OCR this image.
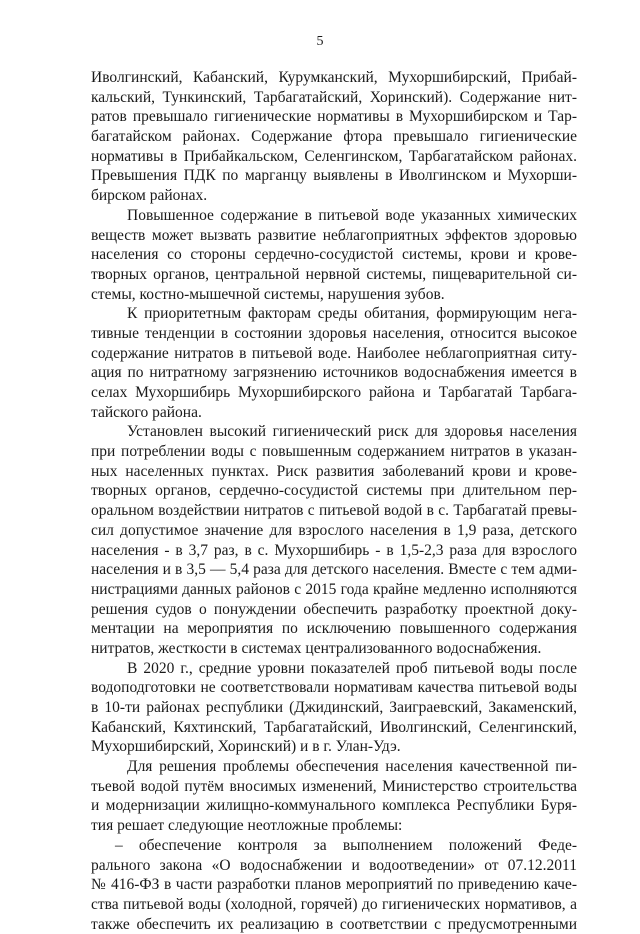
5
Иволгинский, Кабанский, Курумканский, Мухоршибирский, Прибай-
кальский, Тункинский, Тарбагатайский, Хоринский). Содержание нит-
ратов превышало гигиенические нормативы в Мухоршибирском и Тар-
багатайском районах. Содержание фтора превышало гигиенические
нормативы в Прибайкальском, Селенгинском, Тарбагатайском районах.
Превышения ПДК по марганцу выявлены в Иволгинском и Мухорши-
бирском районах.
Повышенное содержание в питьевой воде указанных химических
веществ может вызвать развитие неблагоприятных эффектов здоровью
населения со стороны сердечно-сосудистой системы, крови и крове-
творных органов, центральной нервной системы, пищеварительной си-
стемы, костно-мышечной системы, нарушения зубов.
К приоритетным факторам среды обитания, формирующим нега-
тивные тенденции в состоянии здоровья населения, относится высокое
содержание нитратов в питьевой воде. Наиболее неблагоприятная ситу-
ация по нитратному загрязнению источников водоснабжения имеется в
селах Мухоршибирь Мухоршибирского района и Тарбагатай Тарбага-
тайского района.
Установлен высокий гигиенический риск для здоровья населения
при потреблении воды с повышенным содержанием нитратов в указан-
ных населенных пунктах. Риск развития заболеваний крови и крове-
творных органов, сердечно-сосудистой системы при длительном пер-
оральном воздействии нитратов с питьевой водой в с. Тарбагатай превы-
сил допустимое значение для взрослого населения в 1,9 раза, детского
населения - в 3,7 раз, в с. Мухоршибирь - в 1,5-2,3 раза для взрослого
населения и в 3,5 — 5,4 раза для детского населения. Вместе с тем адми-
нистрациями данных районов с 2015 года крайне медленно исполняются
решения судов о понуждении обеспечить разработку проектной доку-
ментации на мероприятия по исключению повышенного содержания
нитратов, жесткости в системах централизованного водоснабжения.
В 2020 г., средние уровни показателей проб питьевой воды после
водоподготовки не соответствовали нормативам качества питьевой воды
в 10-ти районах республики (Джидинский, Заиграевский, Закаменский,
Кабанский, Кяхтинский, Тарбагатайский, Иволгинский, Селенгинский,
Мухоршибирский, Хоринский) и в г. Улан-Удэ.
Для решения проблемы обеспечения населения качественной пи-
тьевой водой путём вносимых изменений, Министерство строительства
и модернизации жилищно-коммунального комплекса Республики Буря-
тия решает следующие неотложные проблемы:
– обеспечение контроля за выполнением положений Федe-
рального закона «О водоснабжении и водоотведении» от 07.12.2011
№ 416-ФЗ в части разработки планов мероприятий по приведению каче-
ства питьевой воды (холодной, горячей) до гигиенических нормативов, а
также обеспечить их реализацию в соответствии с предусмотренными
